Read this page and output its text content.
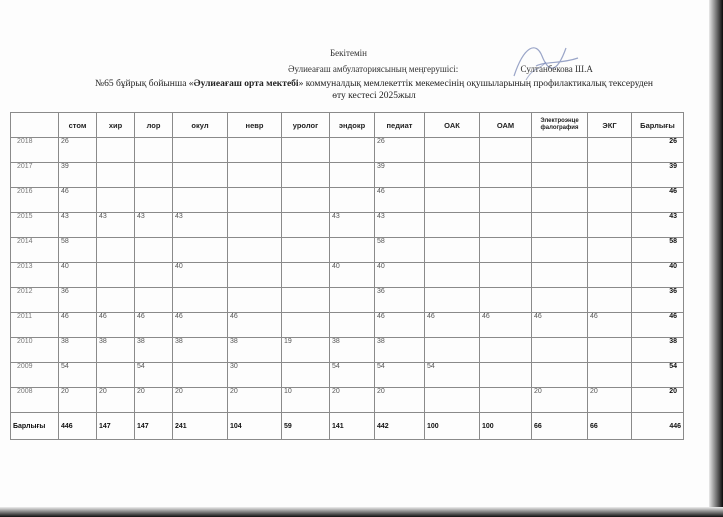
Бекітемін
Әулиеағаш амбулаториясының меңгерушісі:	Султанбекова Ш.А
№65 бұйрық бойынша «Әулиеағаш орта мектебі» коммуналдық мемлекеттік мекемесінің оқушыларының профилактикалық тексеруден
өту кестесі 2025жыл
	стом	хир	лор	окул	невр	уролог	эндокр	педиат	ОАК	ОАМ	Электроэнце фалография	ЭКГ	Барлығы
2018	26							26					26
2017	39							39					39
2016	46							46					46
2015	43	43	43	43			43	43					43
2014	58							58					58
2013	40			40			40	40					40
2012	36							36					36
2011	46	46	46	46	46			46	46	46	46	46	46
2010	38	38	38	38	38	19	38	38					38
2009	54		54		30		54	54	54				54
2008	20	20	20	20	20	10	20	20			20	20	20
Барлығы	446	147	147	241	104	59	141	442	100	100	66	66	446
